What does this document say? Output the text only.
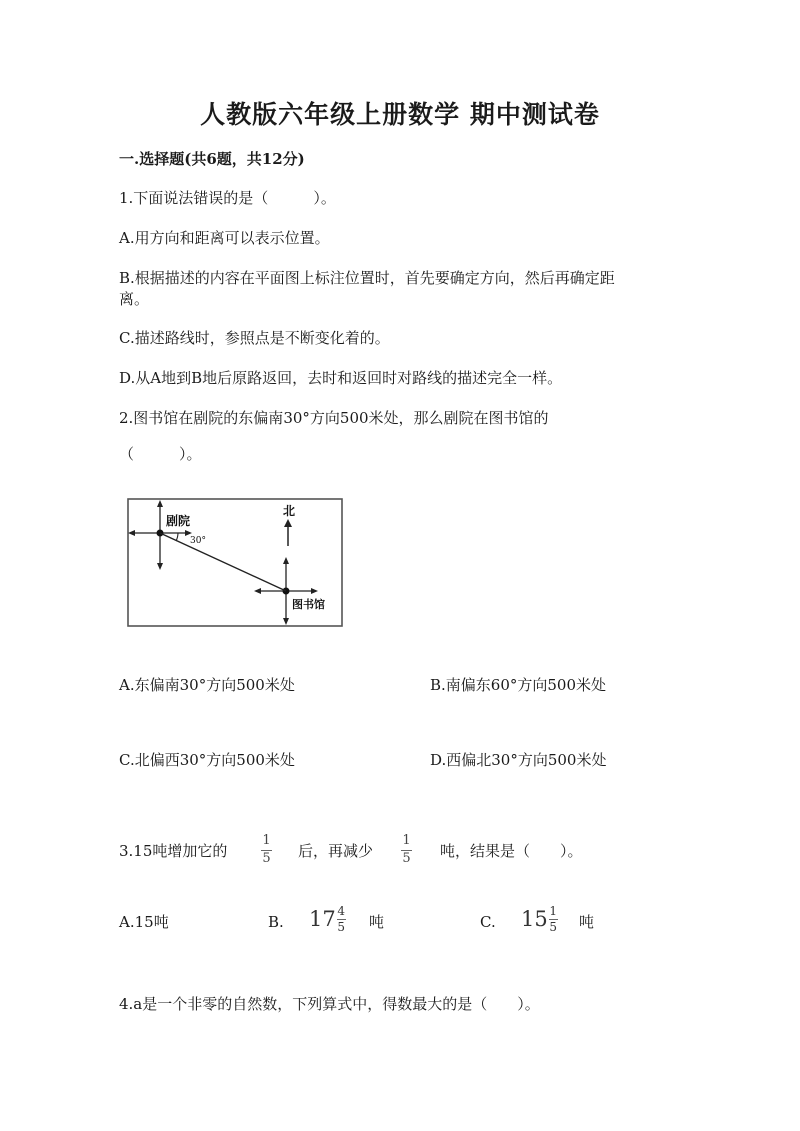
人教版六年级上册数学 期中测试卷
一.选择题(共6题，共12分)
1.下面说法错误的是（　　　）。
A.用方向和距离可以表示位置。
B.根据描述的内容在平面图上标注位置时，首先要确定方向，然后再确定距
离。
C.描述路线时，参照点是不断变化着的。
D.从A地到B地后原路返回，去时和返回时对路线的描述完全一样。
2.图书馆在剧院的东偏南30°方向500米处，那么剧院在图书馆的
（　　　）。
剧院
30°
北
图书馆
A.东偏南30°方向500米处	B.南偏东60°方向500米处
C.北偏西30°方向500米处	D.西偏北30°方向500米处
3.15吨增加它的
1
5 后，再减少
1
5 吨，结果是（　　）。
A.15吨	B. $17 \frac{4}{5}$ 吨	C. $15 \frac{1}{5}$ 吨
4.a是一个非零的自然数，下列算式中，得数最大的是（　　）。
